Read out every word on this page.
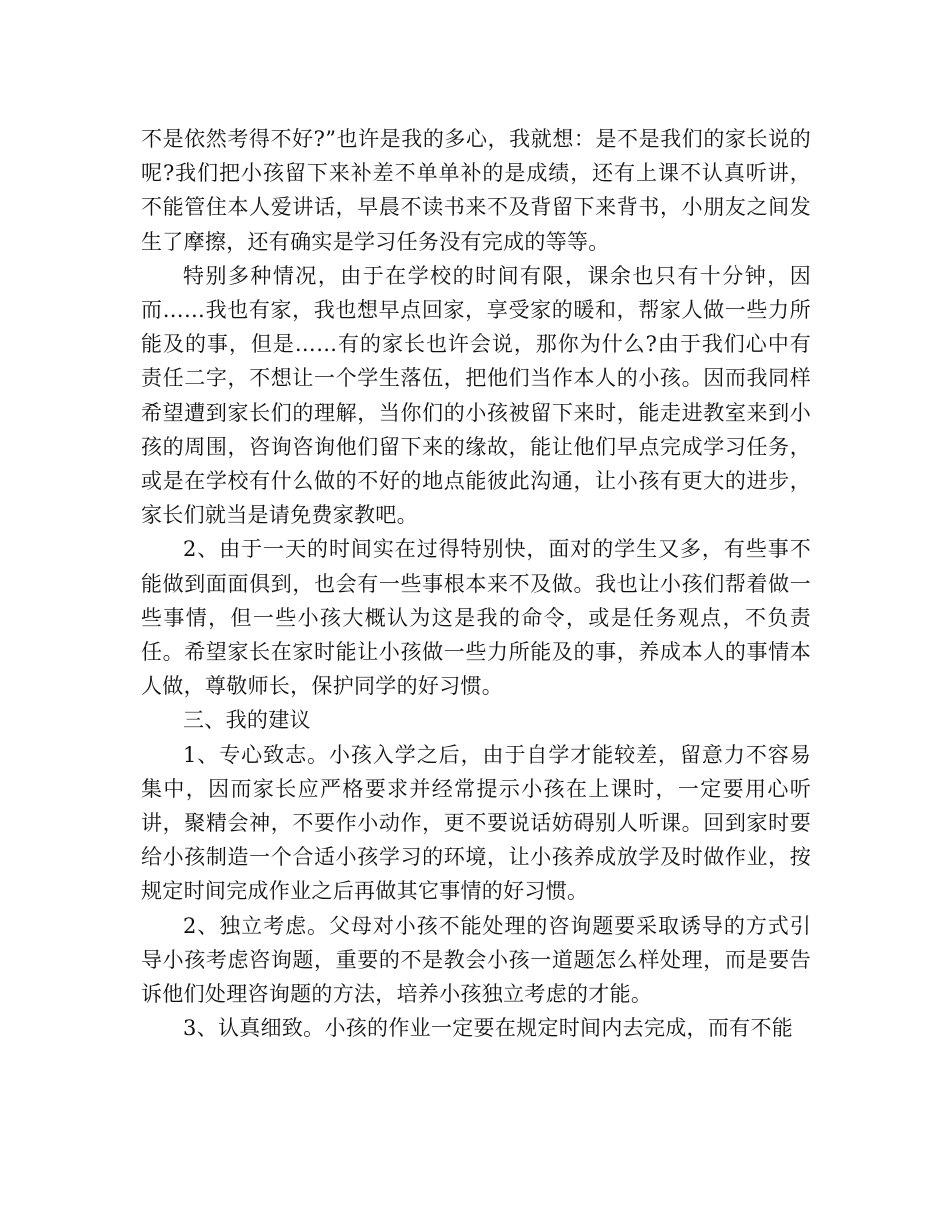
不是依然考得不好?”也许是我的多心，我就想：是不是我们的家长说的呢?我们把小孩留下来补差不单单补的是成绩，还有上课不认真听讲，不能管住本人爱讲话，早晨不读书来不及背留下来背书，小朋友之间发生了摩擦，还有确实是学习任务没有完成的等等。

特别多种情况，由于在学校的时间有限，课余也只有十分钟，因而……我也有家，我也想早点回家，享受家的暖和，帮家人做一些力所能及的事，但是……有的家长也许会说，那你为什么?由于我们心中有责任二字，不想让一个学生落伍，把他们当作本人的小孩。因而我同样希望遭到家长们的理解，当你们的小孩被留下来时，能走进教室来到小孩的周围，咨询咨询他们留下来的缘故，能让他们早点完成学习任务，或是在学校有什么做的不好的地点能彼此沟通，让小孩有更大的进步，家长们就当是请免费家教吧。

2、由于一天的时间实在过得特别快，面对的学生又多，有些事不能做到面面俱到，也会有一些事根本来不及做。我也让小孩们帮着做一些事情，但一些小孩大概认为这是我的命令，或是任务观点，不负责任。希望家长在家时能让小孩做一些力所能及的事，养成本人的事情本人做，尊敬师长，保护同学的好习惯。

三、我的建议

1、专心致志。小孩入学之后，由于自学才能较差，留意力不容易集中，因而家长应严格要求并经常提示小孩在上课时，一定要用心听讲，聚精会神，不要作小动作，更不要说话妨碍别人听课。回到家时要给小孩制造一个合适小孩学习的环境，让小孩养成放学及时做作业，按规定时间完成作业之后再做其它事情的好习惯。

2、独立考虑。父母对小孩不能处理的咨询题要采取诱导的方式引导小孩考虑咨询题，重要的不是教会小孩一道题怎么样处理，而是要告诉他们处理咨询题的方法，培养小孩独立考虑的才能。

3、认真细致。小孩的作业一定要在规定时间内去完成，而有不能
